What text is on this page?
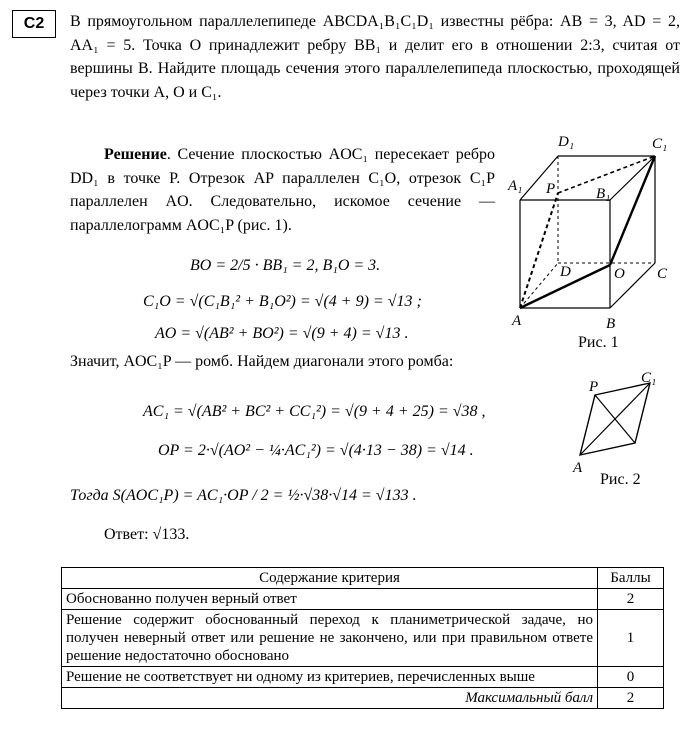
C2	В прямоугольном параллелепипеде ABCDA₁B₁C₁D₁ известны рёбра: AB = 3, AD = 2, AA₁ = 5. Точка O принадлежит ребру BB₁ и делит его в отношении 2:3, считая от вершины B. Найдите площадь сечения этого параллелепипеда плоскостью, проходящей через точки A, O и C₁.

Решение. Сечение плоскостью AOC₁ пересекает ребро DD₁ в точке P. Отрезок AP параллелен C₁O, отрезок C₁P параллелен AO. Следовательно, искомое сечение — параллелограмм AOC₁P (рис. 1).
BO = 2/5 · BB₁ = 2, B₁O = 3.
C₁O = √(C₁B₁² + B₁O²) = √(4 + 9) = √13 ;
AO = √(AB² + BO²) = √(9 + 4) = √13 .
Значит, AOC₁P — ромб. Найдем диагонали этого ромба:
AC₁ = √(AB² + BC² + CC₁²) = √(9 + 4 + 25) = √38 ,
OP = 2·√(AO² − ¼·AC₁²) = √(4·13 − 38) = √14 .
Тогда S(AOC₁P) = AC₁·OP / 2 = ½·√38·√14 = √133 .
Ответ: √133.
D₁	C₁
A₁ P	B₁
D	O C
A	B
Рис. 1
P
C₁
A
Рис. 2
Содержание критерия	Баллы
Обоснованно получен верный ответ	2
Решение содержит обоснованный переход к планиметрической задаче, но получен неверный ответ или решение не закончено, или при правильном ответе решение недостаточно обосновано	1
Решение не соответствует ни одному из критериев, перечисленных выше	0
Максимальный балл	2
